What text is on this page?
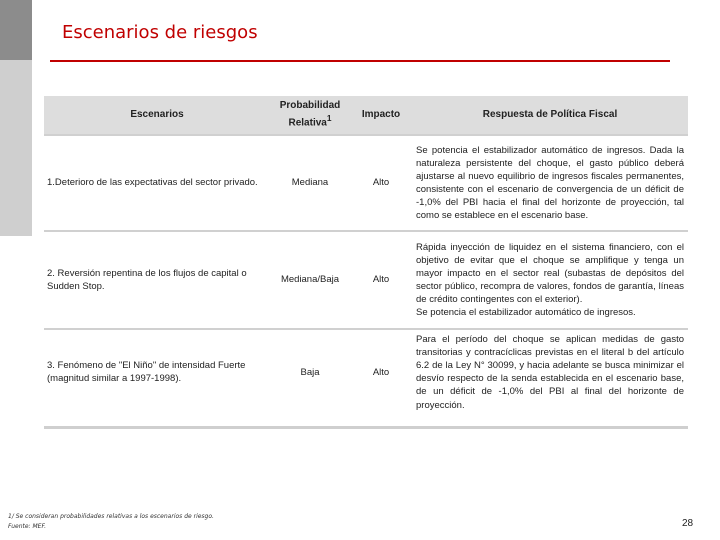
Escenarios de riesgos
Escenarios	Probabilidad Relativa$^1$	Impacto	Respuesta de Política Fiscal
1.Deterioro de las expectativas del sector privado.	Mediana	Alto	Se potencia el estabilizador automático de ingresos. Dada la naturaleza persistente del choque, el gasto público deberá ajustarse al nuevo equilibrio de ingresos fiscales permanentes, consistente con el escenario de convergencia de un déficit de -1,0% del PBI hacia el final del horizonte de proyección, tal como se establece en el escenario base.
2. Reversión repentina de los flujos de capital o Sudden Stop.	Mediana/Baja	Alto	Rápida inyección de liquidez en el sistema financiero, con el objetivo de evitar que el choque se amplifique y tenga un mayor impacto en el sector real (subastas de depósitos del sector público, recompra de valores, fondos de garantía, líneas de crédito contingentes con el exterior).
Se potencia el estabilizador automático de ingresos.

3. Fenómeno de "El Niño" de intensidad Fuerte (magnitud similar a 1997-1998).	Baja	Alto	Para el período del choque se aplican medidas de gasto transitorias y contracíclicas previstas en el literal b del artículo 6.2 de la Ley N° 30099, y hacia adelante se busca minimizar el desvío respecto de la senda establecida en el escenario base, de un déficit de -1,0% del PBI al final del horizonte de proyección.
1/ Se consideran probabilidades relativas a los escenarios de riesgo.
Fuente: MEF.	28
